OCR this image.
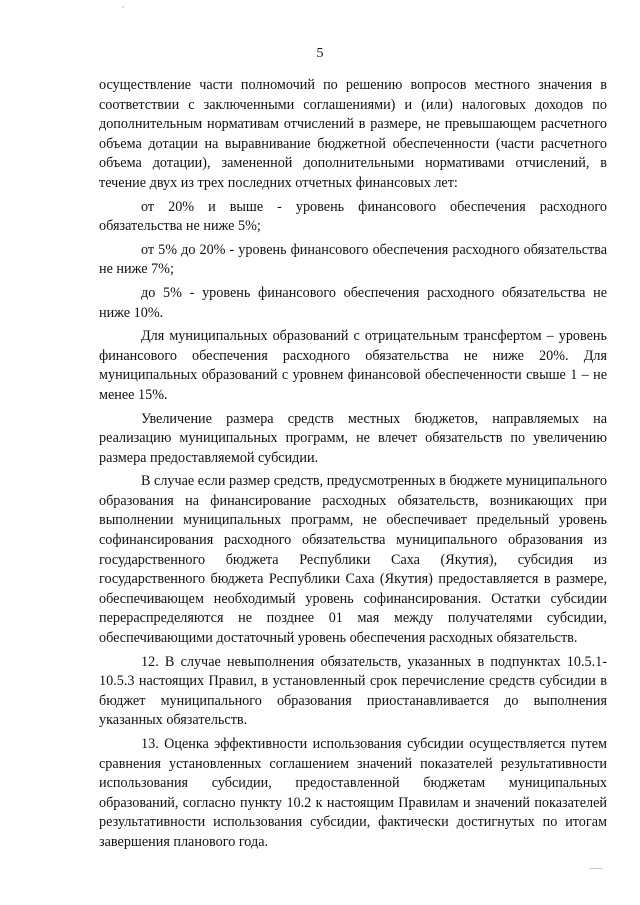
5

осуществление части полномочий по решению вопросов местного значения в соответствии с заключенными соглашениями) и (или) налоговых доходов по дополнительным нормативам отчислений в размере, не превышающем расчетного объема дотации на выравнивание бюджетной обеспеченности (части расчетного объема дотации), замененной дополнительными нормативами отчислений, в течение двух из трех последних отчетных финансовых лет:

от 20% и выше - уровень финансового обеспечения расходного обязательства не ниже 5%;

от 5% до 20% - уровень финансового обеспечения расходного обязательства не ниже 7%;

до 5% - уровень финансового обеспечения расходного обязательства не ниже 10%.

Для муниципальных образований с отрицательным трансфертом – уровень финансового обеспечения расходного обязательства не ниже 20%. Для муниципальных образований с уровнем финансовой обеспеченности свыше 1 – не менее 15%.

Увеличение размера средств местных бюджетов, направляемых на реализацию муниципальных программ, не влечет обязательств по увеличению размера предоставляемой субсидии.

В случае если размер средств, предусмотренных в бюджете муниципального образования на финансирование расходных обязательств, возникающих при выполнении муниципальных программ, не обеспечивает предельный уровень софинансирования расходного обязательства муниципального образования из государственного бюджета Республики Саха (Якутия), субсидия из государственного бюджета Республики Саха (Якутия) предоставляется в размере, обеспечивающем необходимый уровень софинансирования. Остатки субсидии перераспределяются не позднее 01 мая между получателями субсидии, обеспечивающими достаточный уровень обеспечения расходных обязательств.

12. В случае невыполнения обязательств, указанных в подпунктах 10.5.1-10.5.3 настоящих Правил, в установленный срок перечисление средств субсидии в бюджет муниципального образования приостанавливается до выполнения указанных обязательств.

13. Оценка эффективности использования субсидии осуществляется путем сравнения установленных соглашением значений показателей результативности использования субсидии, предоставленной бюджетам муниципальных образований, согласно пункту 10.2 к настоящим Правилам и значений показателей результативности использования субсидии, фактически достигнутых по итогам завершения планового года.
